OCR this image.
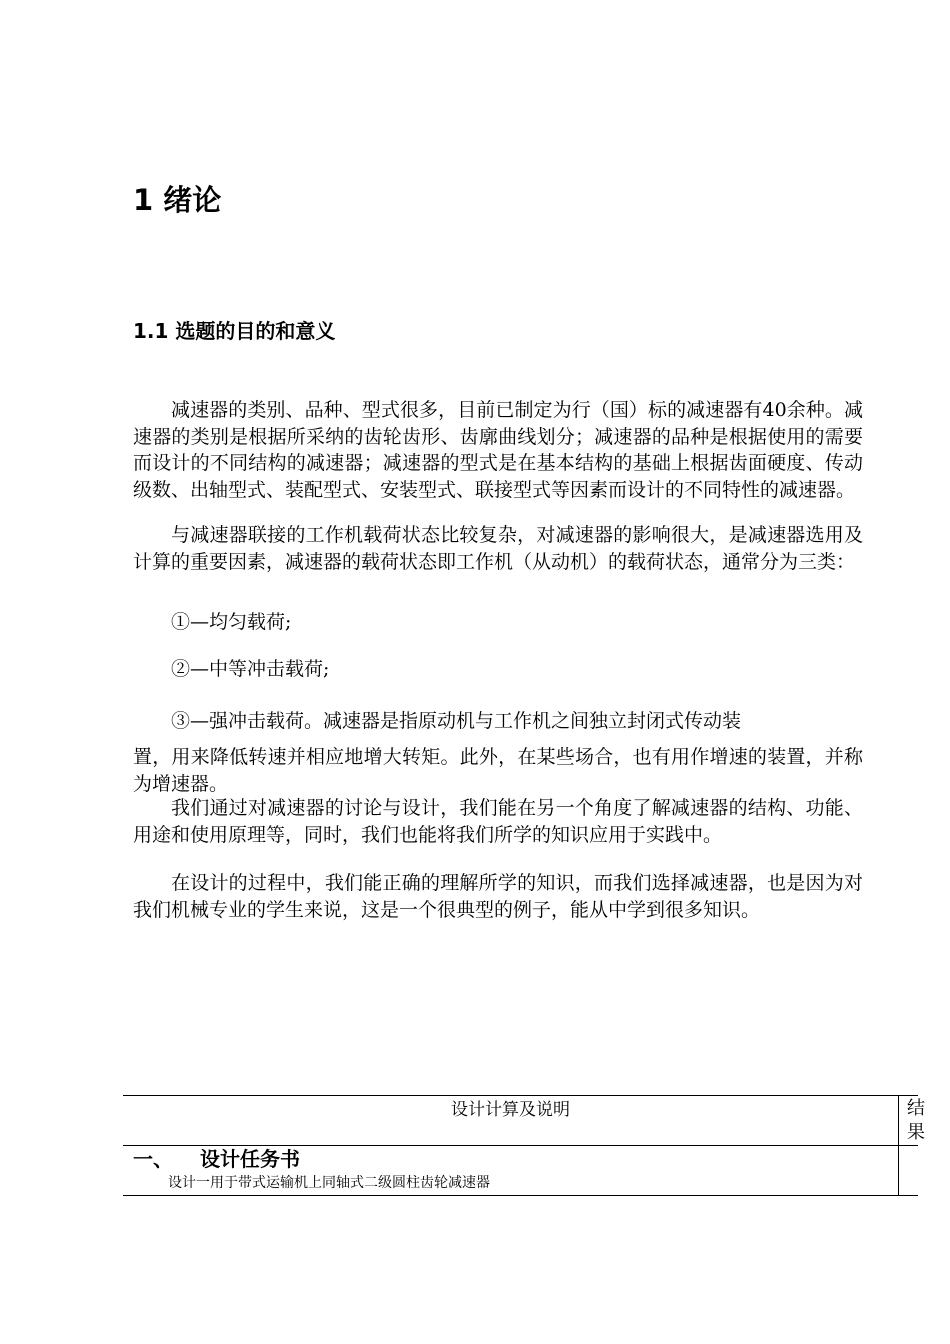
1 绪论
1.1 选题的目的和意义

减速器的类别、品种、型式很多，目前已制定为行（国）标的减速器有40余种。减速器的类别是根据所采纳的齿轮齿形、齿廓曲线划分；减速器的品种是根据使用的需要而设计的不同结构的减速器；减速器的型式是在基本结构的基础上根据齿面硬度、传动级数、出轴型式、装配型式、安装型式、联接型式等因素而设计的不同特性的减速器。

与减速器联接的工作机载荷状态比较复杂，对减速器的影响很大，是减速器选用及计算的重要因素，减速器的载荷状态即工作机（从动机）的载荷状态，通常分为三类：

①—均匀载荷;

②—中等冲击载荷;

③—强冲击载荷。减速器是指原动机与工作机之间独立封闭式传动装

置，用来降低转速并相应地增大转矩。此外，在某些场合，也有用作增速的装置，并称为增速器。

我们通过对减速器的讨论与设计，我们能在另一个角度了解减速器的结构、功能、用途和使用原理等，同时，我们也能将我们所学的知识应用于实践中。

在设计的过程中，我们能正确的理解所学的知识，而我们选择减速器，也是因为对我们机械专业的学生来说，这是一个很典型的例子，能从中学到很多知识。

设计计算及说明	结果

一、 设计任务书

设计一用于带式运输机上同轴式二级圆柱齿轮减速器
